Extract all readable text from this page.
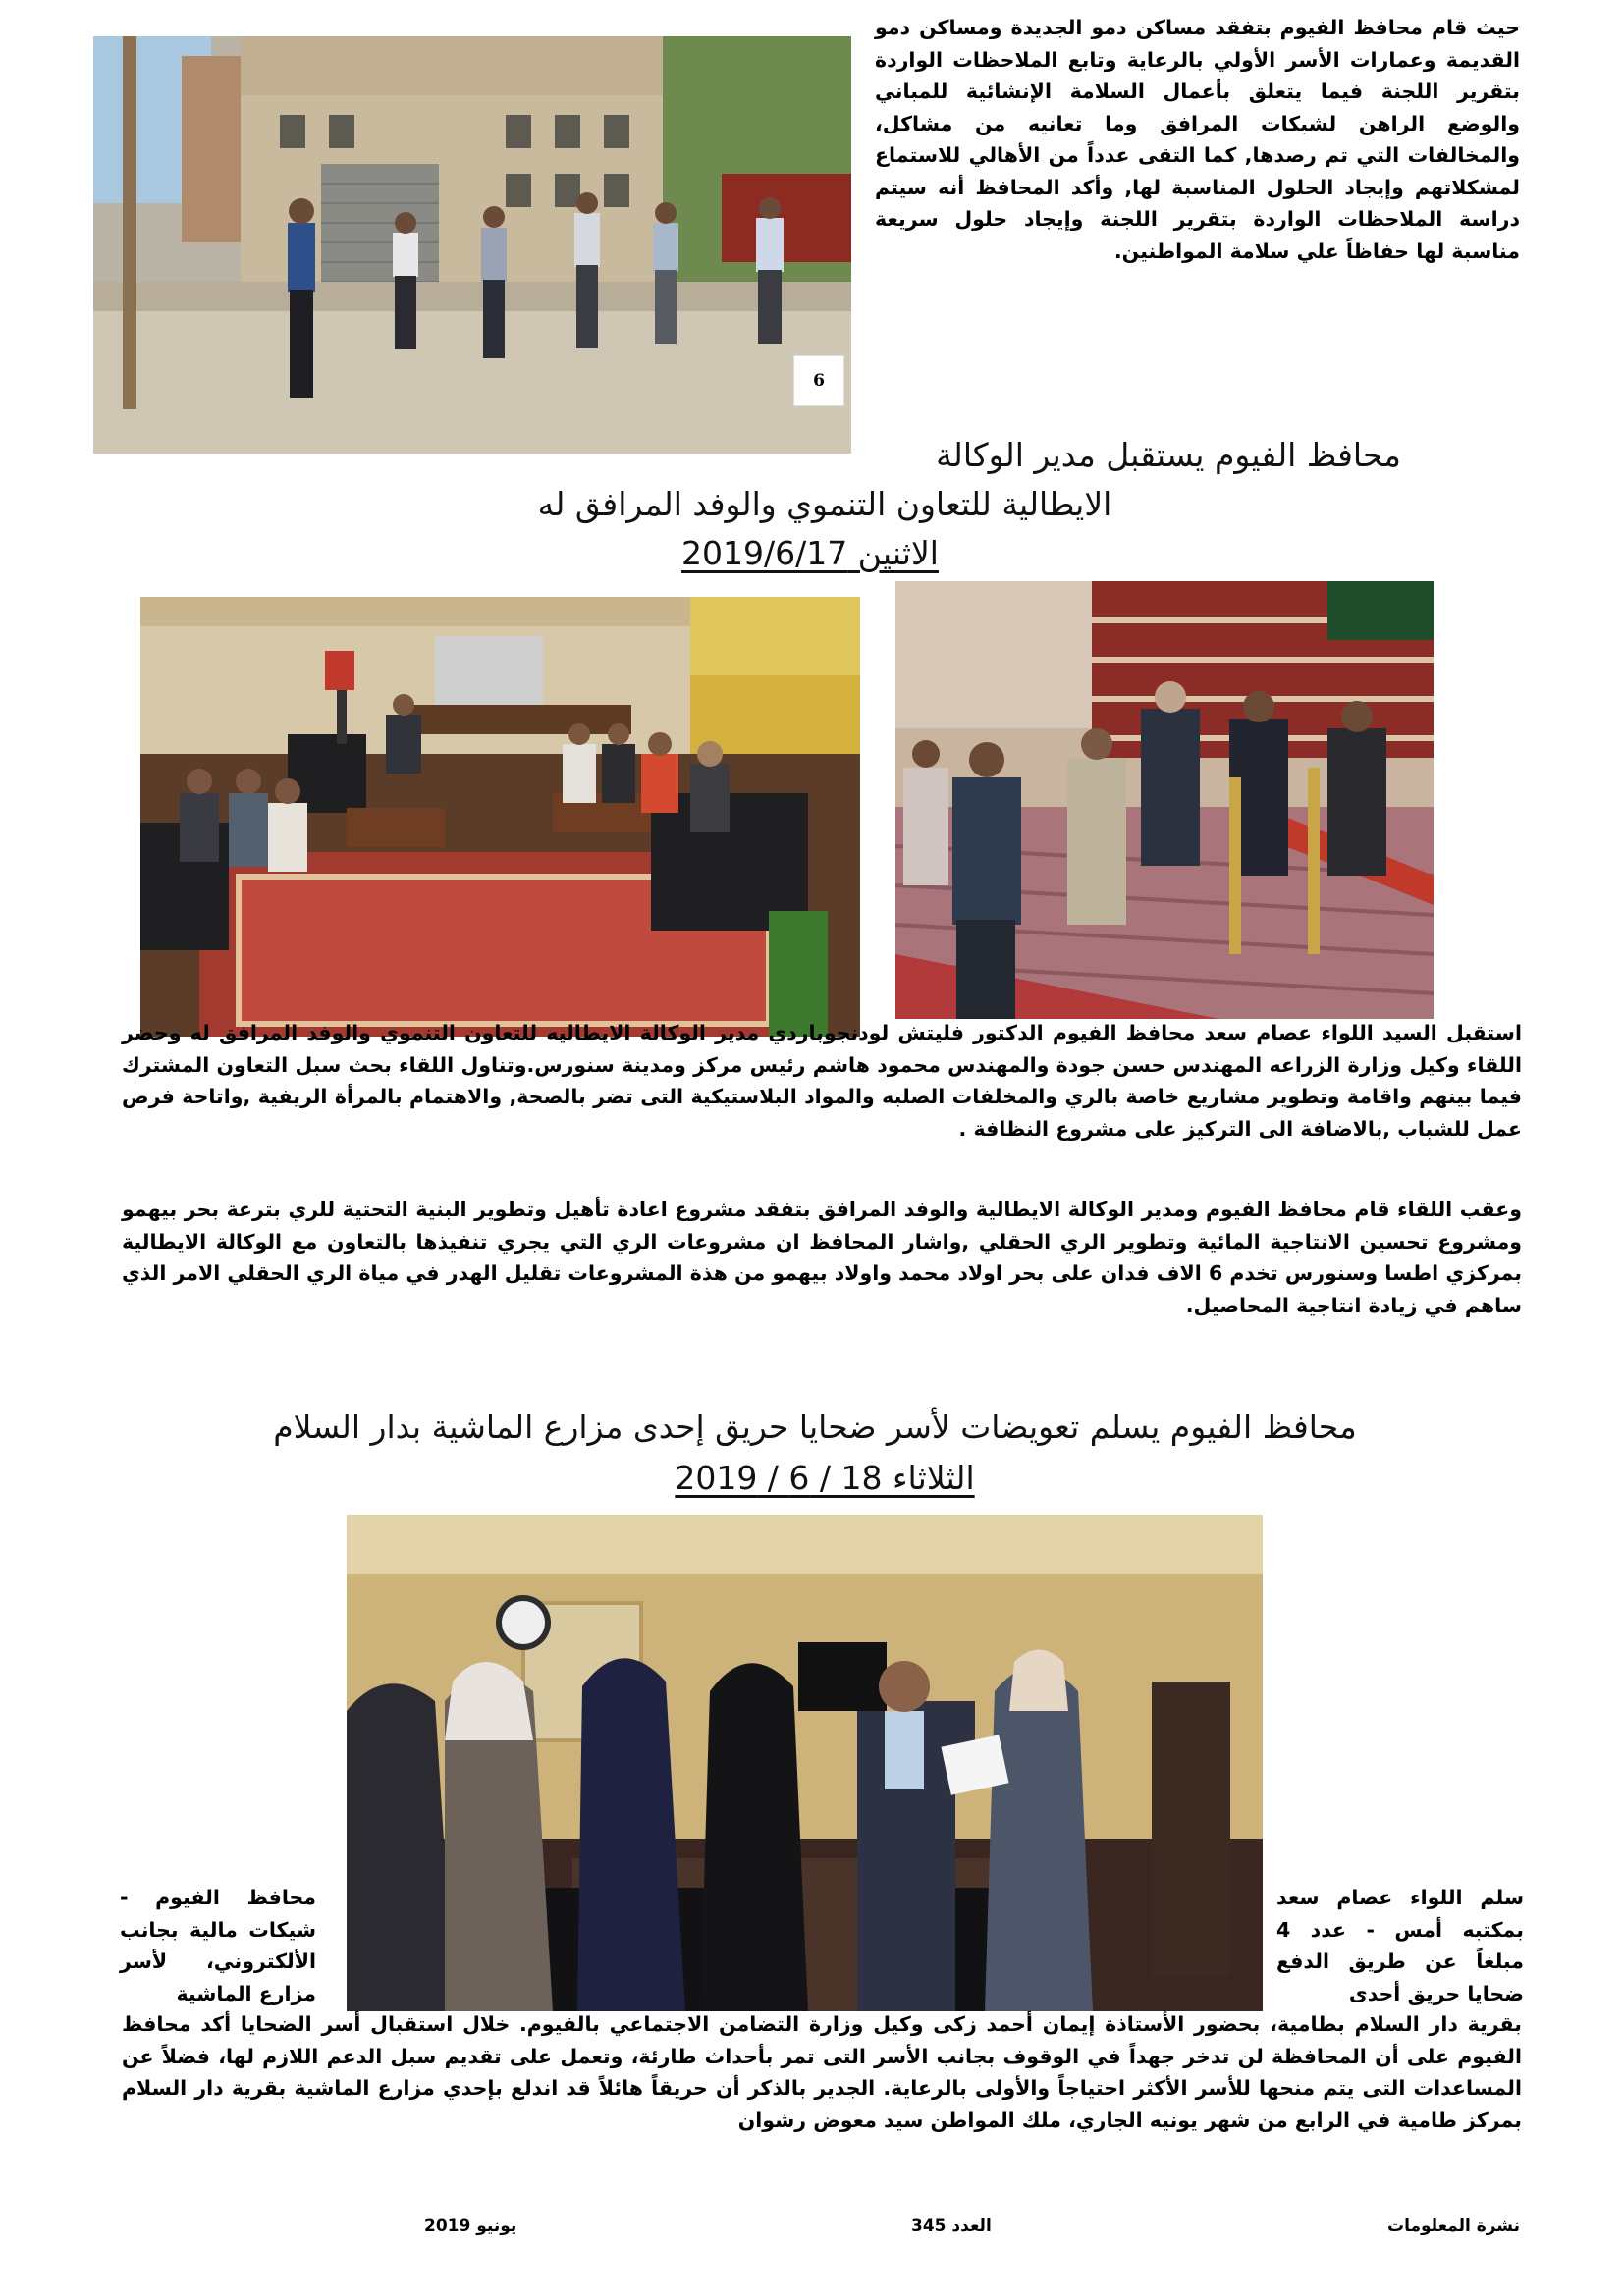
6
حيث قام محافظ الفيوم بتفقد مساكن دمو الجديدة ومساكن دمو القديمة وعمارات الأسر الأولي بالرعاية وتابع الملاحظات الواردة بتقرير اللجنة فيما يتعلق بأعمال السلامة الإنشائية للمباني والوضع الراهن لشبكات المرافق وما تعانيه من مشاكل، والمخالفات التي تم رصدها, كما التقى عدداً من الأهالي للاستماع لمشكلاتهم وإيجاد الحلول المناسبة لها, وأكد المحافظ أنه سيتم دراسة الملاحظات الواردة بتقرير اللجنة وإيجاد حلول سريعة مناسبة لها حفاظاً علي سلامة المواطنين.
محافظ الفيوم يستقبل مدير الوكالة
الايطالية للتعاون التنموي والوفد المرافق له
الاثنين 2019/6/17
استقبل السيد اللواء عصام سعد محافظ الفيوم الدكتور فليتش لودنجوباردي مدير الوكالة الايطاليه للتعاون التنموي والوفد المرافق له وحضر اللقاء وكيل وزارة الزراعه المهندس حسن جودة والمهندس محمود هاشم رئيس مركز ومدينة سنورس.وتناول اللقاء بحث سبل التعاون المشترك فيما بينهم واقامة وتطوير مشاريع خاصة بالري والمخلفات الصلبه والمواد البلاستيكية التى تضر بالصحة, والاهتمام بالمرأة الريفية ,واتاحة فرص عمل للشباب ,بالاضافة الى التركيز على مشروع النظافة .
وعقب اللقاء قام محافظ الفيوم ومدير الوكالة الايطالية والوفد المرافق بتفقد مشروع اعادة تأهيل وتطوير البنية التحتية للري بترعة بحر بيهمو ومشروع تحسين الانتاجية المائية وتطوير الري الحقلي ,واشار المحافظ ان مشروعات الري التي يجري تنفيذها بالتعاون مع الوكالة الايطالية بمركزي اطسا وسنورس تخدم 6 الاف فدان على بحر اولاد محمد واولاد بيهمو من هذة المشروعات تقليل الهدر في مياة الري الحقلي الامر الذي ساهم في زيادة انتاجية المحاصيل.
محافظ الفيوم يسلم تعويضات لأسر ضحايا حريق إحدى مزارع الماشية بدار السلام
الثلاثاء 18 / 6 / 2019
سلم اللواء عصام سعد بمكتبه أمس - عدد 4 مبلغاً عن طريق الدفع ضحايا حريق أحدى
محافظ الفيوم - شيكات مالية بجانب الألكتروني، لأسر مزارع الماشية
بقرية دار السلام بطامية، بحضور الأستاذة إيمان أحمد زكى وكيل وزارة التضامن الاجتماعي بالفيوم. خلال استقبال أسر الضحايا أكد محافظ الفيوم على أن المحافظة لن تدخر جهداً في الوقوف بجانب الأسر التى تمر بأحداث طارئة، وتعمل على تقديم سبل الدعم اللازم لها، فضلاً عن المساعدات التى يتم منحها للأسر الأكثر احتياجاً والأولى بالرعاية. الجدير بالذكر أن حريقاً هائلاً قد اندلع بإحدي مزارع الماشية بقرية دار السلام بمركز طامية في الرابع من شهر يونيه الجاري، ملك المواطن سيد معوض رشوان
نشرة المعلومات
العدد 345
يونيو 2019
